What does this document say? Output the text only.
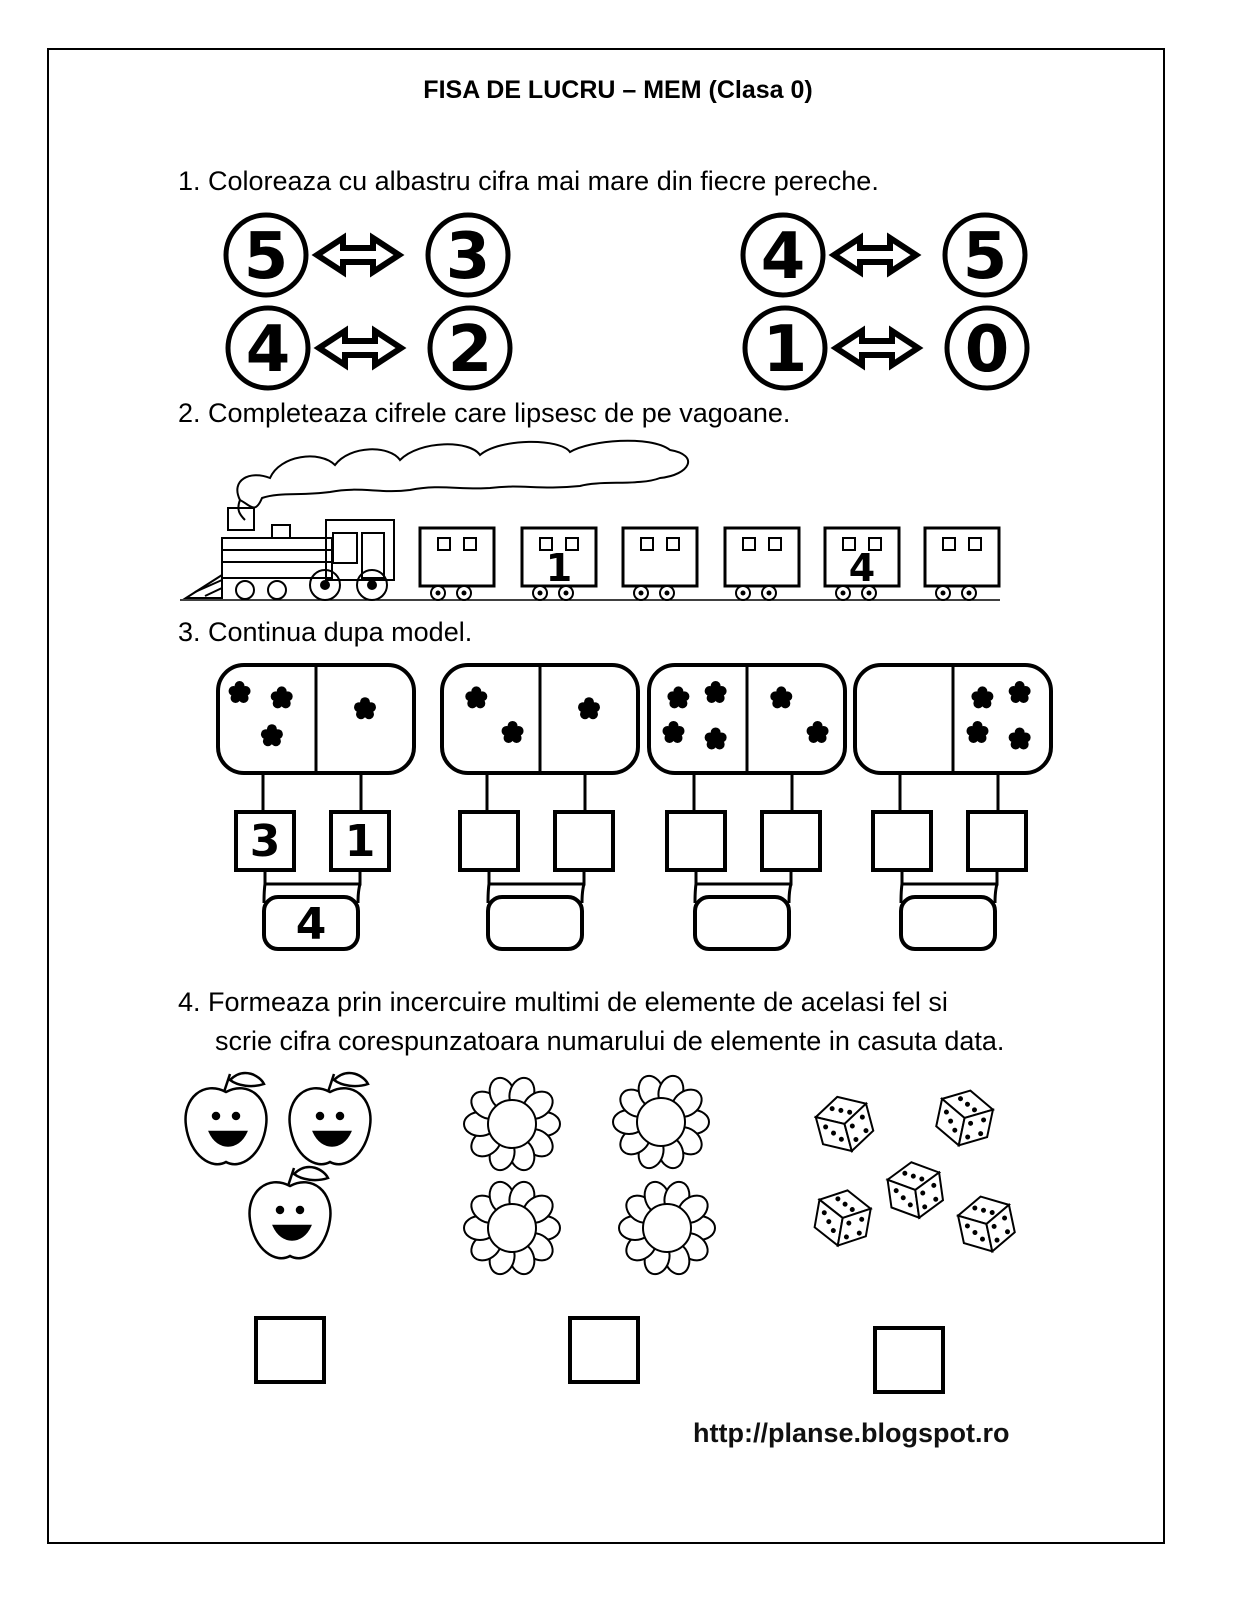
FISA DE LUCRU – MEM (Clasa 0)
1. Coloreaza cu albastru cifra mai mare din fiecre pereche.
2. Completeaza cifrele care lipsesc de pe vagoane.
3. Continua dupa model.
4. Formeaza prin incercuire multimi de elemente de acelasi fel si
scrie cifra corespunzatoara numarului de elemente in casuta data.
5 3	4 5
4 2	1 0
1	4
3 1
4
http://planse.blogspot.ro
